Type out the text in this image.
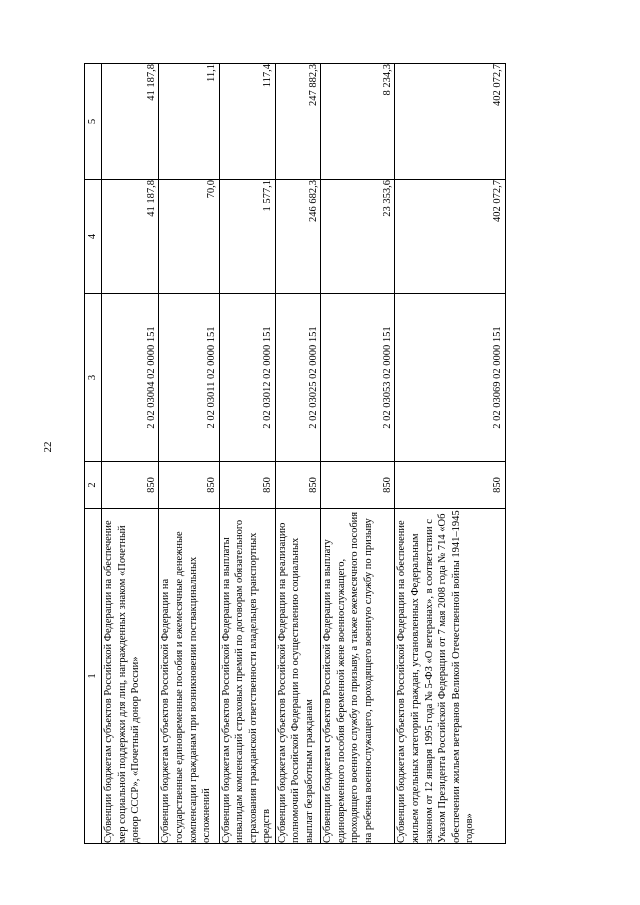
22
1	2	3	4	5
Субвенции бюджетам субъектов Российской Федерации на обеспечение мер социальной поддержки для лиц, награжденных знаком «Почетный донор СССР», «Почетный донор России»	850	2 02 03004 02 0000 151	41 187,8	41 187,8
Субвенции бюджетам субъектов Российской Федерации на государственные единовременные пособия и ежемесячные денежные компенсации гражданам при возникновении поствакцинальных осложнений	850	2 02 03011 02 0000 151	70,0	11,1
Субвенции бюджетам субъектов Российской Федерации на выплаты инвалидам компенсаций страховых премий по договорам обязательного страхования гражданской ответственности владельцев транспортных средств	850	2 02 03012 02 0000 151	1 577,1	117,4
Субвенции бюджетам субъектов Российской Федерации на реализацию полномочий Российской Федерации по осуществлению социальных выплат безработным гражданам	850	2 02 03025 02 0000 151	246 682,3	247 882,3
Субвенции бюджетам субъектов Российской Федерации на выплату единовременного пособия беременной жене военнослужащего, проходящего военную службу по призыву, а также ежемесячного пособия на ребенка военнослужащего, проходящего военную службу по призыву	850	2 02 03053 02 0000 151	23 353,6	8 234,3
Субвенции бюджетам субъектов Российской Федерации на обеспечение жильем отдельных категорий граждан, установленных Федеральным законом от 12 января 1995 года № 5-ФЗ «О ветеранах», в соответствии с Указом Президента Российской Федерации от 7 мая 2008 года № 714 «Об обеспечении жильем ветеранов Великой Отечественной войны 1941–1945 годов»	850	2 02 03069 02 0000 151	402 072,7	402 072,7
